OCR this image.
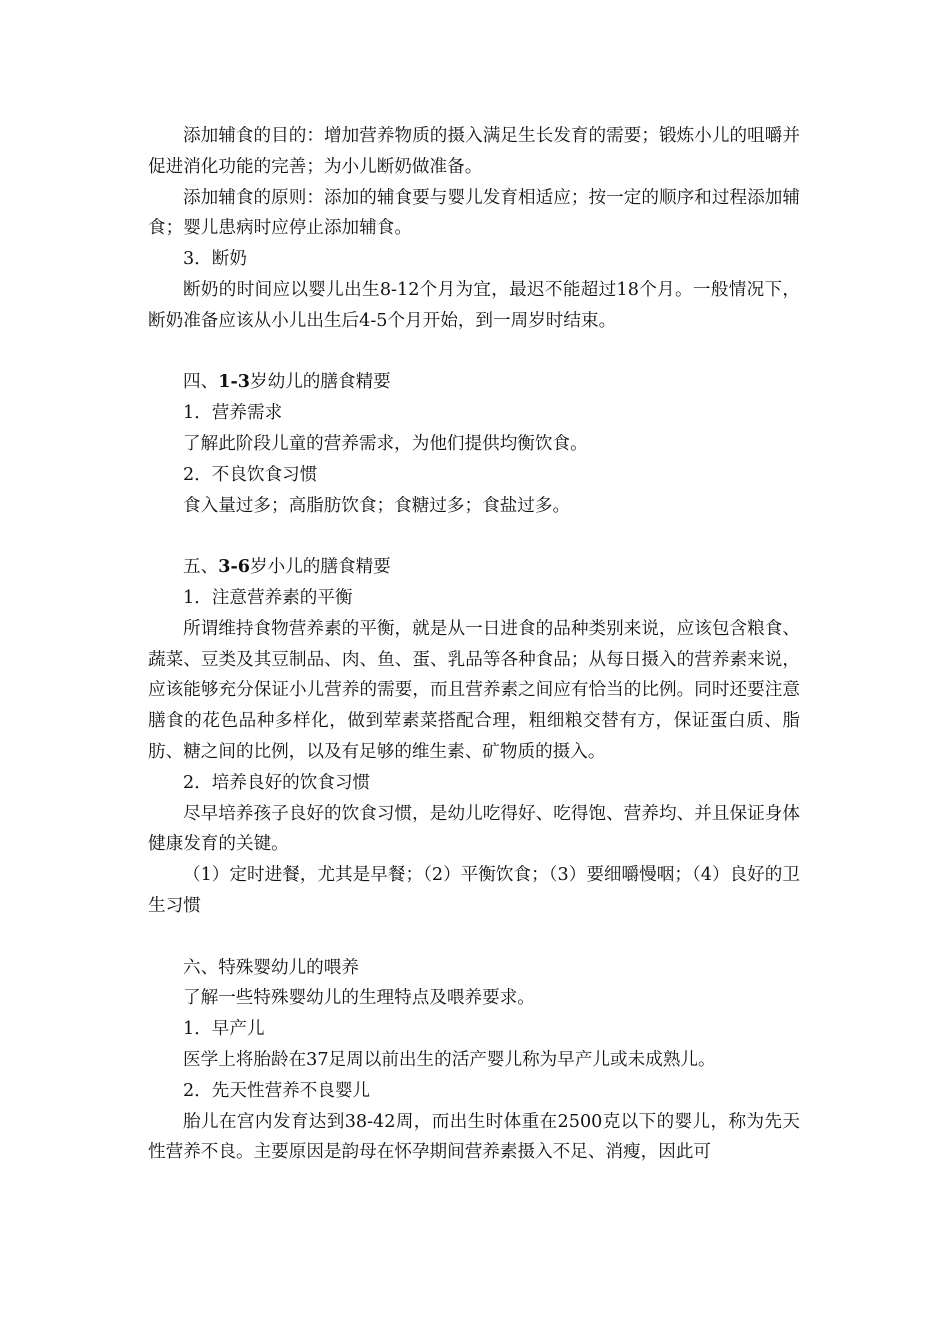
添加辅食的目的：增加营养物质的摄入满足生长发育的需要；锻炼小儿的咀嚼并促进消化功能的完善；为小儿断奶做准备。

添加辅食的原则：添加的辅食要与婴儿发育相适应；按一定的顺序和过程添加辅食；婴儿患病时应停止添加辅食。

3．断奶

断奶的时间应以婴儿出生8-12个月为宜，最迟不能超过18个月。一般情况下，断奶准备应该从小儿出生后4-5个月开始，到一周岁时结束。

四、1-3岁幼儿的膳食精要

1．营养需求

了解此阶段儿童的营养需求，为他们提供均衡饮食。

2．不良饮食习惯

食入量过多；高脂肪饮食；食糖过多；食盐过多。

五、3-6岁小儿的膳食精要

1．注意营养素的平衡

所谓维持食物营养素的平衡，就是从一日进食的品种类别来说，应该包含粮食、蔬菜、豆类及其豆制品、肉、鱼、蛋、乳品等各种食品；从每日摄入的营养素来说，应该能够充分保证小儿营养的需要，而且营养素之间应有恰当的比例。同时还要注意膳食的花色品种多样化，做到荤素菜搭配合理，粗细粮交替有方，保证蛋白质、脂肪、糖之间的比例，以及有足够的维生素、矿物质的摄入。

2．培养良好的饮食习惯

尽早培养孩子良好的饮食习惯，是幼儿吃得好、吃得饱、营养均、并且保证身体健康发育的关键。

（1）定时进餐，尤其是早餐；（2）平衡饮食；（3）要细嚼慢咽；（4）良好的卫生习惯

六、特殊婴幼儿的喂养

了解一些特殊婴幼儿的生理特点及喂养要求。

1．早产儿

医学上将胎龄在37足周以前出生的活产婴儿称为早产儿或未成熟儿。

2．先天性营养不良婴儿

胎儿在宫内发育达到38-42周，而出生时体重在2500克以下的婴儿，称为先天性营养不良。主要原因是韵母在怀孕期间营养素摄入不足、消瘦，因此可
